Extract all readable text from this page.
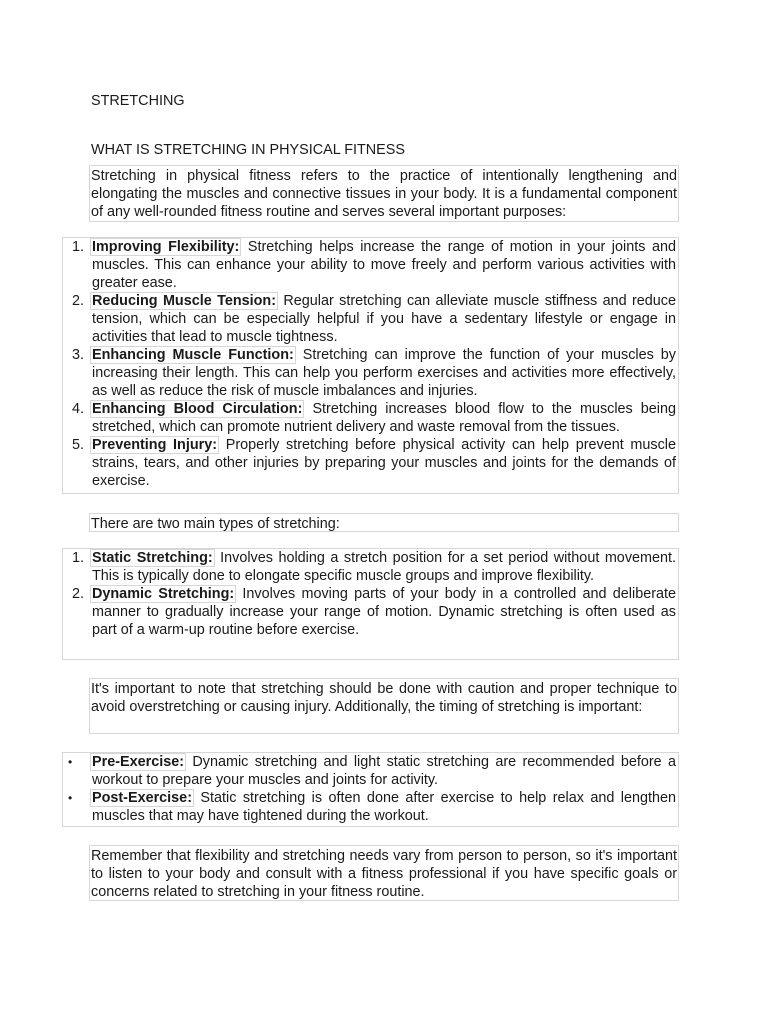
STRETCHING
WHAT IS STRETCHING IN PHYSICAL FITNESS

Stretching in physical fitness refers to the practice of intentionally lengthening and elongating the muscles and connective tissues in your body. It is a fundamental component of any well-rounded fitness routine and serves several important purposes:

1. Improving Flexibility: Stretching helps increase the range of motion in your joints and muscles. This can enhance your ability to move freely and perform various activities with greater ease.
2. Reducing Muscle Tension: Regular stretching can alleviate muscle stiffness and reduce tension, which can be especially helpful if you have a sedentary lifestyle or engage in activities that lead to muscle tightness.
3. Enhancing Muscle Function: Stretching can improve the function of your muscles by increasing their length. This can help you perform exercises and activities more effectively, as well as reduce the risk of muscle imbalances and injuries.
4. Enhancing Blood Circulation: Stretching increases blood flow to the muscles being stretched, which can promote nutrient delivery and waste removal from the tissues.
5. Preventing Injury: Properly stretching before physical activity can help prevent muscle strains, tears, and other injuries by preparing your muscles and joints for the demands of exercise.

There are two main types of stretching:

1. Static Stretching: Involves holding a stretch position for a set period without movement. This is typically done to elongate specific muscle groups and improve flexibility.
2. Dynamic Stretching: Involves moving parts of your body in a controlled and deliberate manner to gradually increase your range of motion. Dynamic stretching is often used as part of a warm-up routine before exercise.

It's important to note that stretching should be done with caution and proper technique to avoid overstretching or causing injury. Additionally, the timing of stretching is important:

• Pre-Exercise: Dynamic stretching and light static stretching are recommended before a workout to prepare your muscles and joints for activity.
• Post-Exercise: Static stretching is often done after exercise to help relax and lengthen muscles that may have tightened during the workout.

Remember that flexibility and stretching needs vary from person to person, so it's important to listen to your body and consult with a fitness professional if you have specific goals or concerns related to stretching in your fitness routine.
